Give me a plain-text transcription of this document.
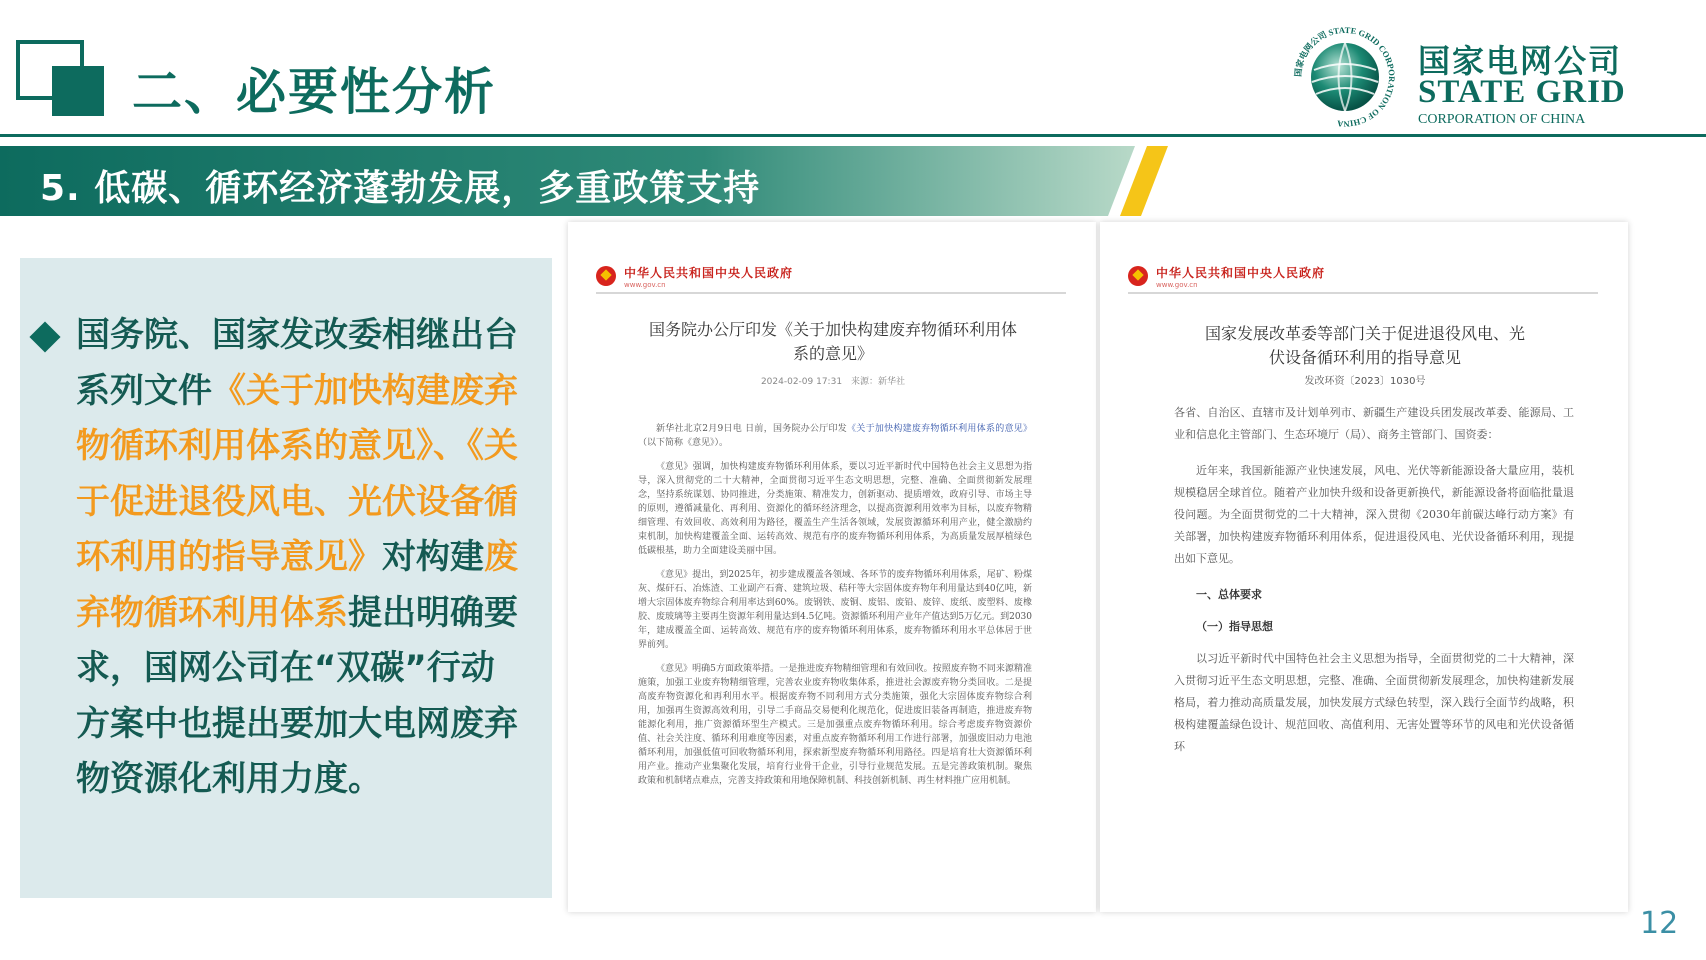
二、必要性分析	国家电网公司 STATE GRID CORPORATION OF CHINA
国家电网公司
STATE GRID
CORPORATION OF CHINA
5. 低碳、循环经济蓬勃发展，多重政策支持
国务院、国家发改委相继出台系列文件《关于加快构建废弃物循环利用体系的意见》、《关于促进退役风电、光伏设备循环利用的指导意见》对构建废弃物循环利用体系提出明确要求，国网公司在“双碳”行动方案中也提出要加大电网废弃物资源化利用力度。
中华人民共和国中央人民政府
www.gov.cn
国务院办公厅印发《关于加快构建废弃物循环利用体
系的意见》
2024-02-09 17:31　来源：新华社

新华社北京2月9日电 日前，国务院办公厅印发《关于加快构建废弃物循环利用体系的意见》（以下简称《意见》）。

《意见》强调，加快构建废弃物循环利用体系，要以习近平新时代中国特色社会主义思想为指导，深入贯彻党的二十大精神，全面贯彻习近平生态文明思想，完整、准确、全面贯彻新发展理念，坚持系统谋划、协同推进，分类施策、精准发力，创新驱动、提质增效，政府引导、市场主导的原则，遵循减量化、再利用、资源化的循环经济理念，以提高资源利用效率为目标，以废弃物精细管理、有效回收、高效利用为路径，覆盖生产生活各领域，发展资源循环利用产业，健全激励约束机制，加快构建覆盖全面、运转高效、规范有序的废弃物循环利用体系，为高质量发展厚植绿色低碳根基，助力全面建设美丽中国。

《意见》提出，到2025年，初步建成覆盖各领域、各环节的废弃物循环利用体系，尾矿、粉煤灰、煤矸石、冶炼渣、工业副产石膏、建筑垃圾、秸秆等大宗固体废弃物年利用量达到40亿吨，新增大宗固体废弃物综合利用率达到60%。废钢铁、废铜、废铝、废铅、废锌、废纸、废塑料、废橡胶、废玻璃等主要再生资源年利用量达到4.5亿吨。资源循环利用产业年产值达到5万亿元。到2030年，建成覆盖全面、运转高效、规范有序的废弃物循环利用体系，废弃物循环利用水平总体居于世界前列。

《意见》明确5方面政策举措。一是推进废弃物精细管理和有效回收。按照废弃物不同来源精准施策，加强工业废弃物精细管理，完善农业废弃物收集体系，推进社会源废弃物分类回收。二是提高废弃物资源化和再利用水平。根据废弃物不同利用方式分类施策，强化大宗固体废弃物综合利用，加强再生资源高效利用，引导二手商品交易便利化规范化，促进废旧装备再制造，推进废弃物能源化利用，推广资源循环型生产模式。三是加强重点废弃物循环利用。综合考虑废弃物资源价值、社会关注度、循环利用难度等因素，对重点废弃物循环利用工作进行部署，加强废旧动力电池循环利用，加强低值可回收物循环利用，探索新型废弃物循环利用路径。四是培育壮大资源循环利用产业。推动产业集聚化发展，培育行业骨干企业，引导行业规范发展。五是完善政策机制。聚焦政策和机制堵点难点，完善支持政策和用地保障机制、科技创新机制、再生材料推广应用机制。

中华人民共和国中央人民政府
www.gov.cn
国家发展改革委等部门关于促进退役风电、光
伏设备循环利用的指导意见
发改环资〔2023〕1030号

各省、自治区、直辖市及计划单列市、新疆生产建设兵团发展改革委、能源局、工业和信息化主管部门、生态环境厅（局）、商务主管部门、国资委：

近年来，我国新能源产业快速发展，风电、光伏等新能源设备大量应用，装机规模稳居全球首位。随着产业加快升级和设备更新换代，新能源设备将面临批量退役问题。为全面贯彻党的二十大精神，深入贯彻《2030年前碳达峰行动方案》有关部署，加快构建废弃物循环利用体系，促进退役风电、光伏设备循环利用，现提出如下意见。

一、总体要求

（一）指导思想

以习近平新时代中国特色社会主义思想为指导，全面贯彻党的二十大精神，深入贯彻习近平生态文明思想，完整、准确、全面贯彻新发展理念，加快构建新发展格局，着力推动高质量发展，加快发展方式绿色转型，深入践行全面节约战略，积极构建覆盖绿色设计、规范回收、高值利用、无害处置等环节的风电和光伏设备循环

12
